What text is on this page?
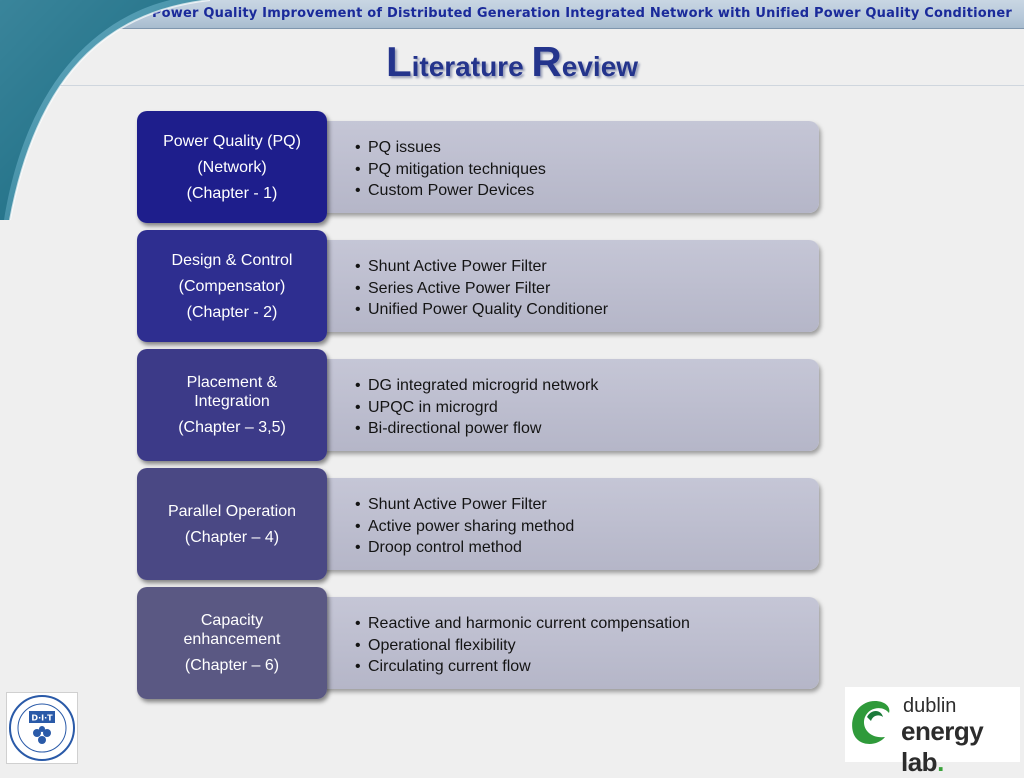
Power Quality Improvement of Distributed Generation Integrated Network with Unified Power Quality Conditioner
Literature Review
• PQ issues
• PQ mitigation techniques
• Custom Power Devices
Power Quality (PQ)
(Network)
(Chapter - 1)
• Shunt Active Power Filter
• Series Active Power Filter
• Unified Power Quality Conditioner
Design & Control
(Compensator)
(Chapter - 2)
• DG integrated microgrid network
• UPQC in microgrd
• Bi-directional power flow
Placement &
Integration
(Chapter – 3,5)
• Shunt Active Power Filter
• Active power sharing method
• Droop control method
Parallel Operation
(Chapter – 4)
• Reactive and harmonic current compensation
• Operational flexibility
• Circulating current flow
Capacity
enhancement
(Chapter – 6)
D·I·T
dublin
energy lab.
